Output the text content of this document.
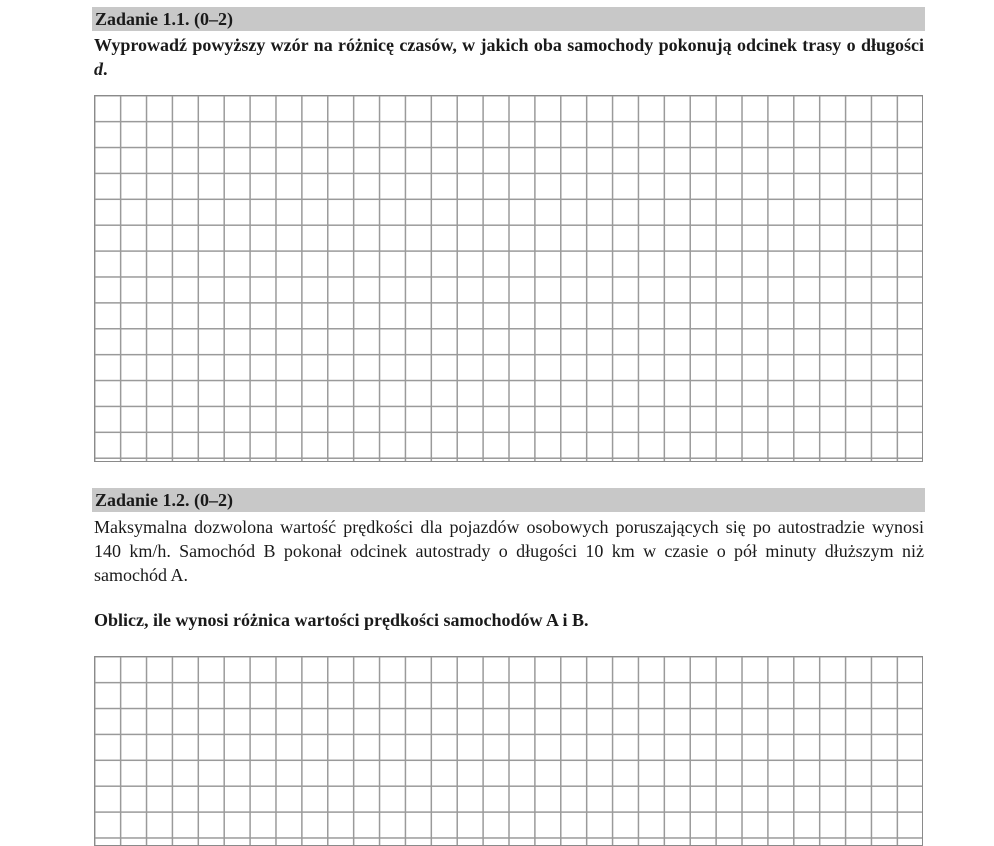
Zadanie 1.1. (0–2)

Wyprowadź powyższy wzór na różnicę czasów, w jakich oba samochody pokonują odcinek trasy o długości d.

Zadanie 1.2. (0–2)

Maksymalna dozwolona wartość prędkości dla pojazdów osobowych poruszających się po autostradzie wynosi 140 km/h. Samochód B pokonał odcinek autostrady o długości 10 km w czasie o pół minuty dłuższym niż samochód A.

Oblicz, ile wynosi różnica wartości prędkości samochodów A i B.
